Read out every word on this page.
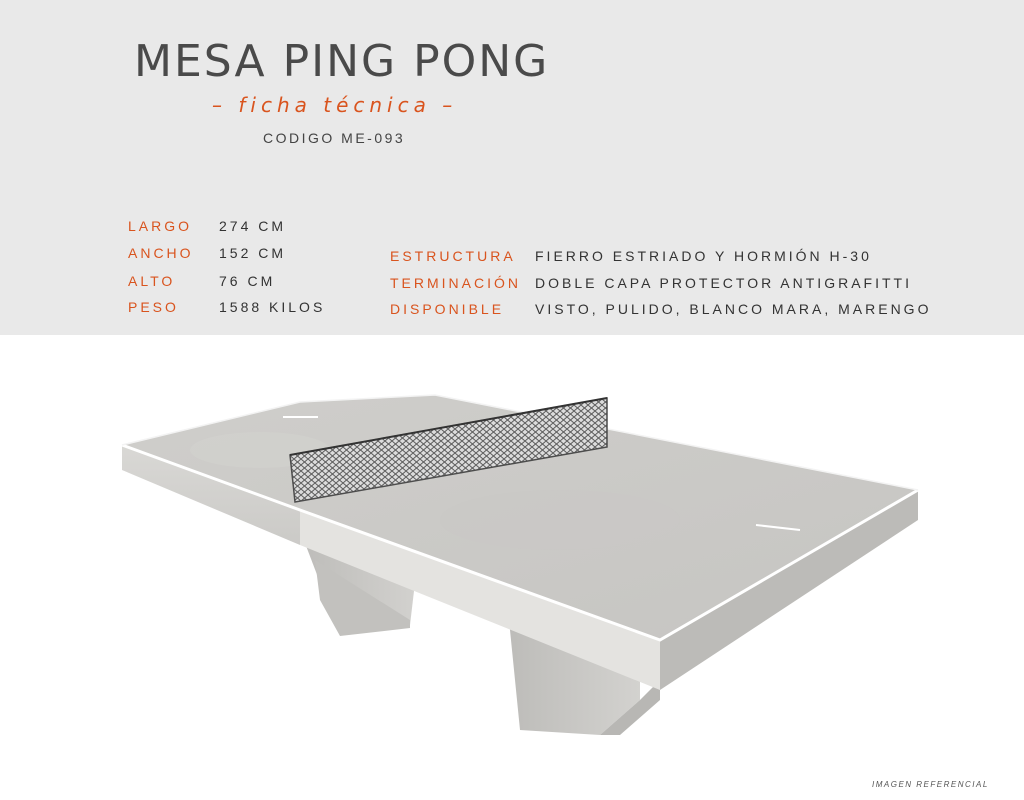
MESA PING PONG

– ficha técnica –

CODIGO ME-093

LARGO 274 CM
ANCHO 152 CM
ALTO	76 CM
PESO	1588 KILOS
ESTRUCTURA FIERRO ESTRIADO Y HORMIÓN H-30
TERMINACIÓN DOBLE CAPA PROTECTOR ANTIGRAFITTI
DISPONIBLE VISTO, PULIDO, BLANCO MARA, MARENGO

IMAGEN REFERENCIAL
